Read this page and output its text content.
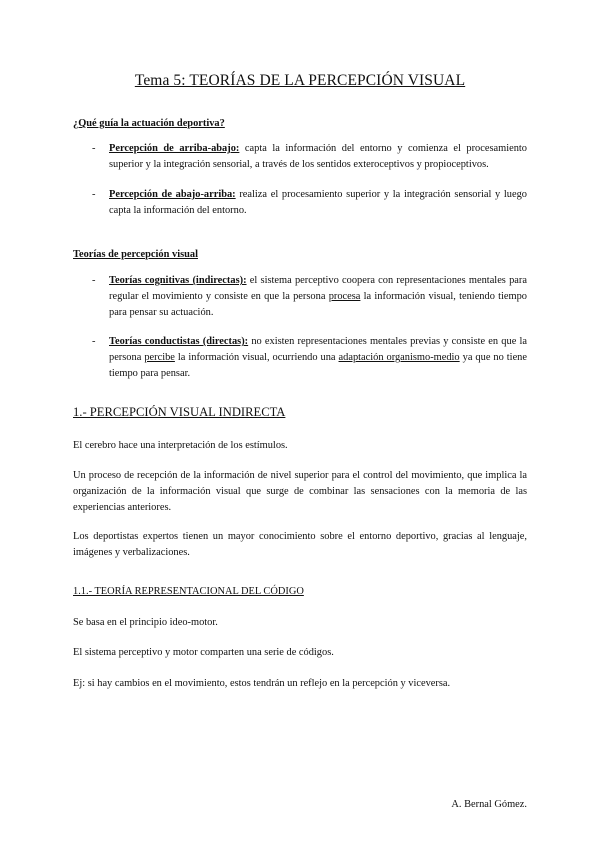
Tema 5: TEORÍAS DE LA PERCEPCIÓN VISUAL
¿Qué guía la actuación deportiva?
- Percepción de arriba-abajo: capta la información del entorno y comienza el procesamiento superior y la integración sensorial, a través de los sentidos exteroceptivos y propioceptivos.
- Percepción de abajo-arriba: realiza el procesamiento superior y la integración sensorial y luego capta la información del entorno.
Teorías de percepción visual
- Teorías cognitivas (indirectas): el sistema perceptivo coopera con representaciones mentales para regular el movimiento y consiste en que la persona procesa la información visual, teniendo tiempo para pensar su actuación.
- Teorías conductistas (directas): no existen representaciones mentales previas y consiste en que la persona percibe la información visual, ocurriendo una adaptación organismo-medio ya que no tiene tiempo para pensar.
1.- PERCEPCIÓN VISUAL INDIRECTA
El cerebro hace una interpretación de los estímulos.
Un proceso de recepción de la información de nivel superior para el control del movimiento, que implica la organización de la información visual que surge de combinar las sensaciones con la memoria de las experiencias anteriores.
Los deportistas expertos tienen un mayor conocimiento sobre el entorno deportivo, gracias al lenguaje, imágenes y verbalizaciones.
1.1.- TEORÍA REPRESENTACIONAL DEL CÓDIGO
Se basa en el principio ideo-motor.
El sistema perceptivo y motor comparten una serie de códigos.
Ej: si hay cambios en el movimiento, estos tendrán un reflejo en la percepción y viceversa.
A. Bernal Gómez.
